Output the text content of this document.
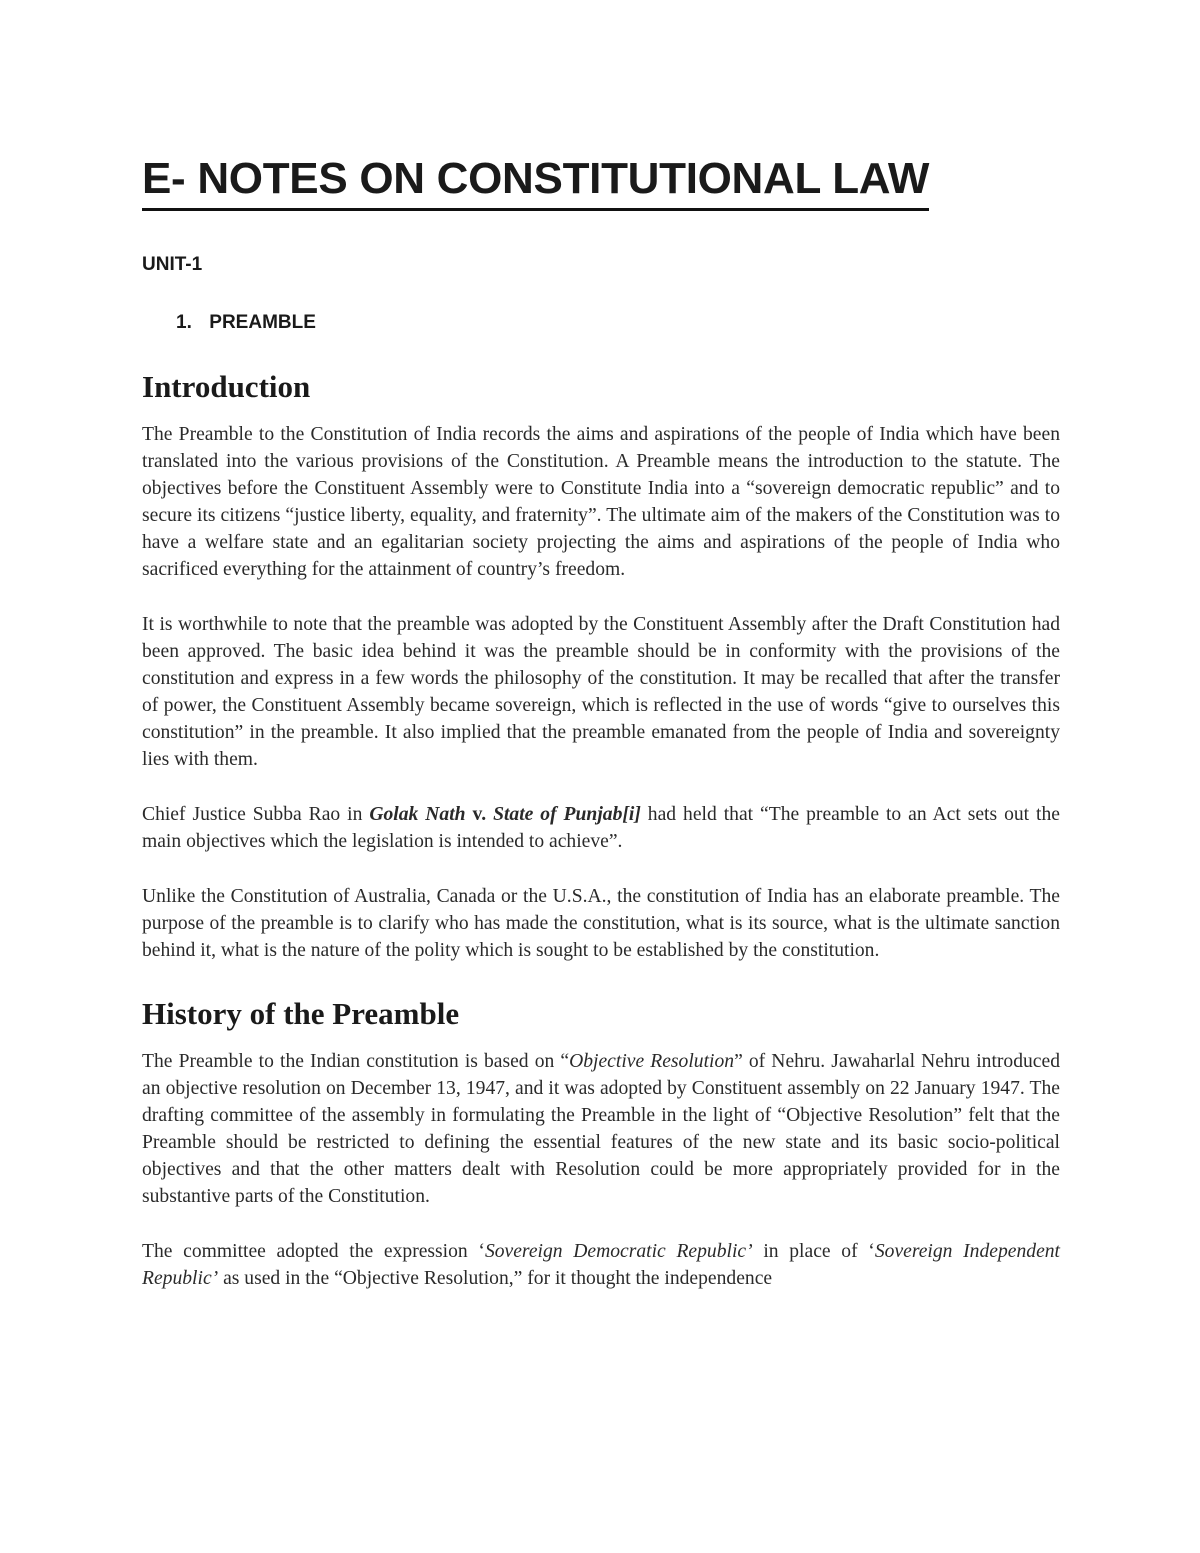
E- NOTES ON CONSTITUTIONAL LAW
UNIT-1
1. PREAMBLE
Introduction

The Preamble to the Constitution of India records the aims and aspirations of the people of India which have been translated into the various provisions of the Constitution. A Preamble means the introduction to the statute. The objectives before the Constituent Assembly were to Constitute India into a “sovereign democratic republic” and to secure its citizens “justice liberty, equality, and fraternity”. The ultimate aim of the makers of the Constitution was to have a welfare state and an egalitarian society projecting the aims and aspirations of the people of India who sacrificed everything for the attainment of country’s freedom.

It is worthwhile to note that the preamble was adopted by the Constituent Assembly after the Draft Constitution had been approved. The basic idea behind it was the preamble should be in conformity with the provisions of the constitution and express in a few words the philosophy of the constitution. It may be recalled that after the transfer of power, the Constituent Assembly became sovereign, which is reflected in the use of words “give to ourselves this constitution” in the preamble. It also implied that the preamble emanated from the people of India and sovereignty lies with them.

Chief Justice Subba Rao in Golak Nath v. State of Punjab[i] had held that “The preamble to an Act sets out the main objectives which the legislation is intended to achieve”.

Unlike the Constitution of Australia, Canada or the U.S.A., the constitution of India has an elaborate preamble. The purpose of the preamble is to clarify who has made the constitution, what is its source, what is the ultimate sanction behind it, what is the nature of the polity which is sought to be established by the constitution.

History of the Preamble

The Preamble to the Indian constitution is based on “Objective Resolution” of Nehru. Jawaharlal Nehru introduced an objective resolution on December 13, 1947, and it was adopted by Constituent assembly on 22 January 1947. The drafting committee of the assembly in formulating the Preamble in the light of “Objective Resolution” felt that the Preamble should be restricted to defining the essential features of the new state and its basic socio-political objectives and that the other matters dealt with Resolution could be more appropriately provided for in the substantive parts of the Constitution.

The committee adopted the expression ‘Sovereign Democratic Republic’ in place of ‘Sovereign Independent Republic’ as used in the “Objective Resolution,” for it thought the independence
